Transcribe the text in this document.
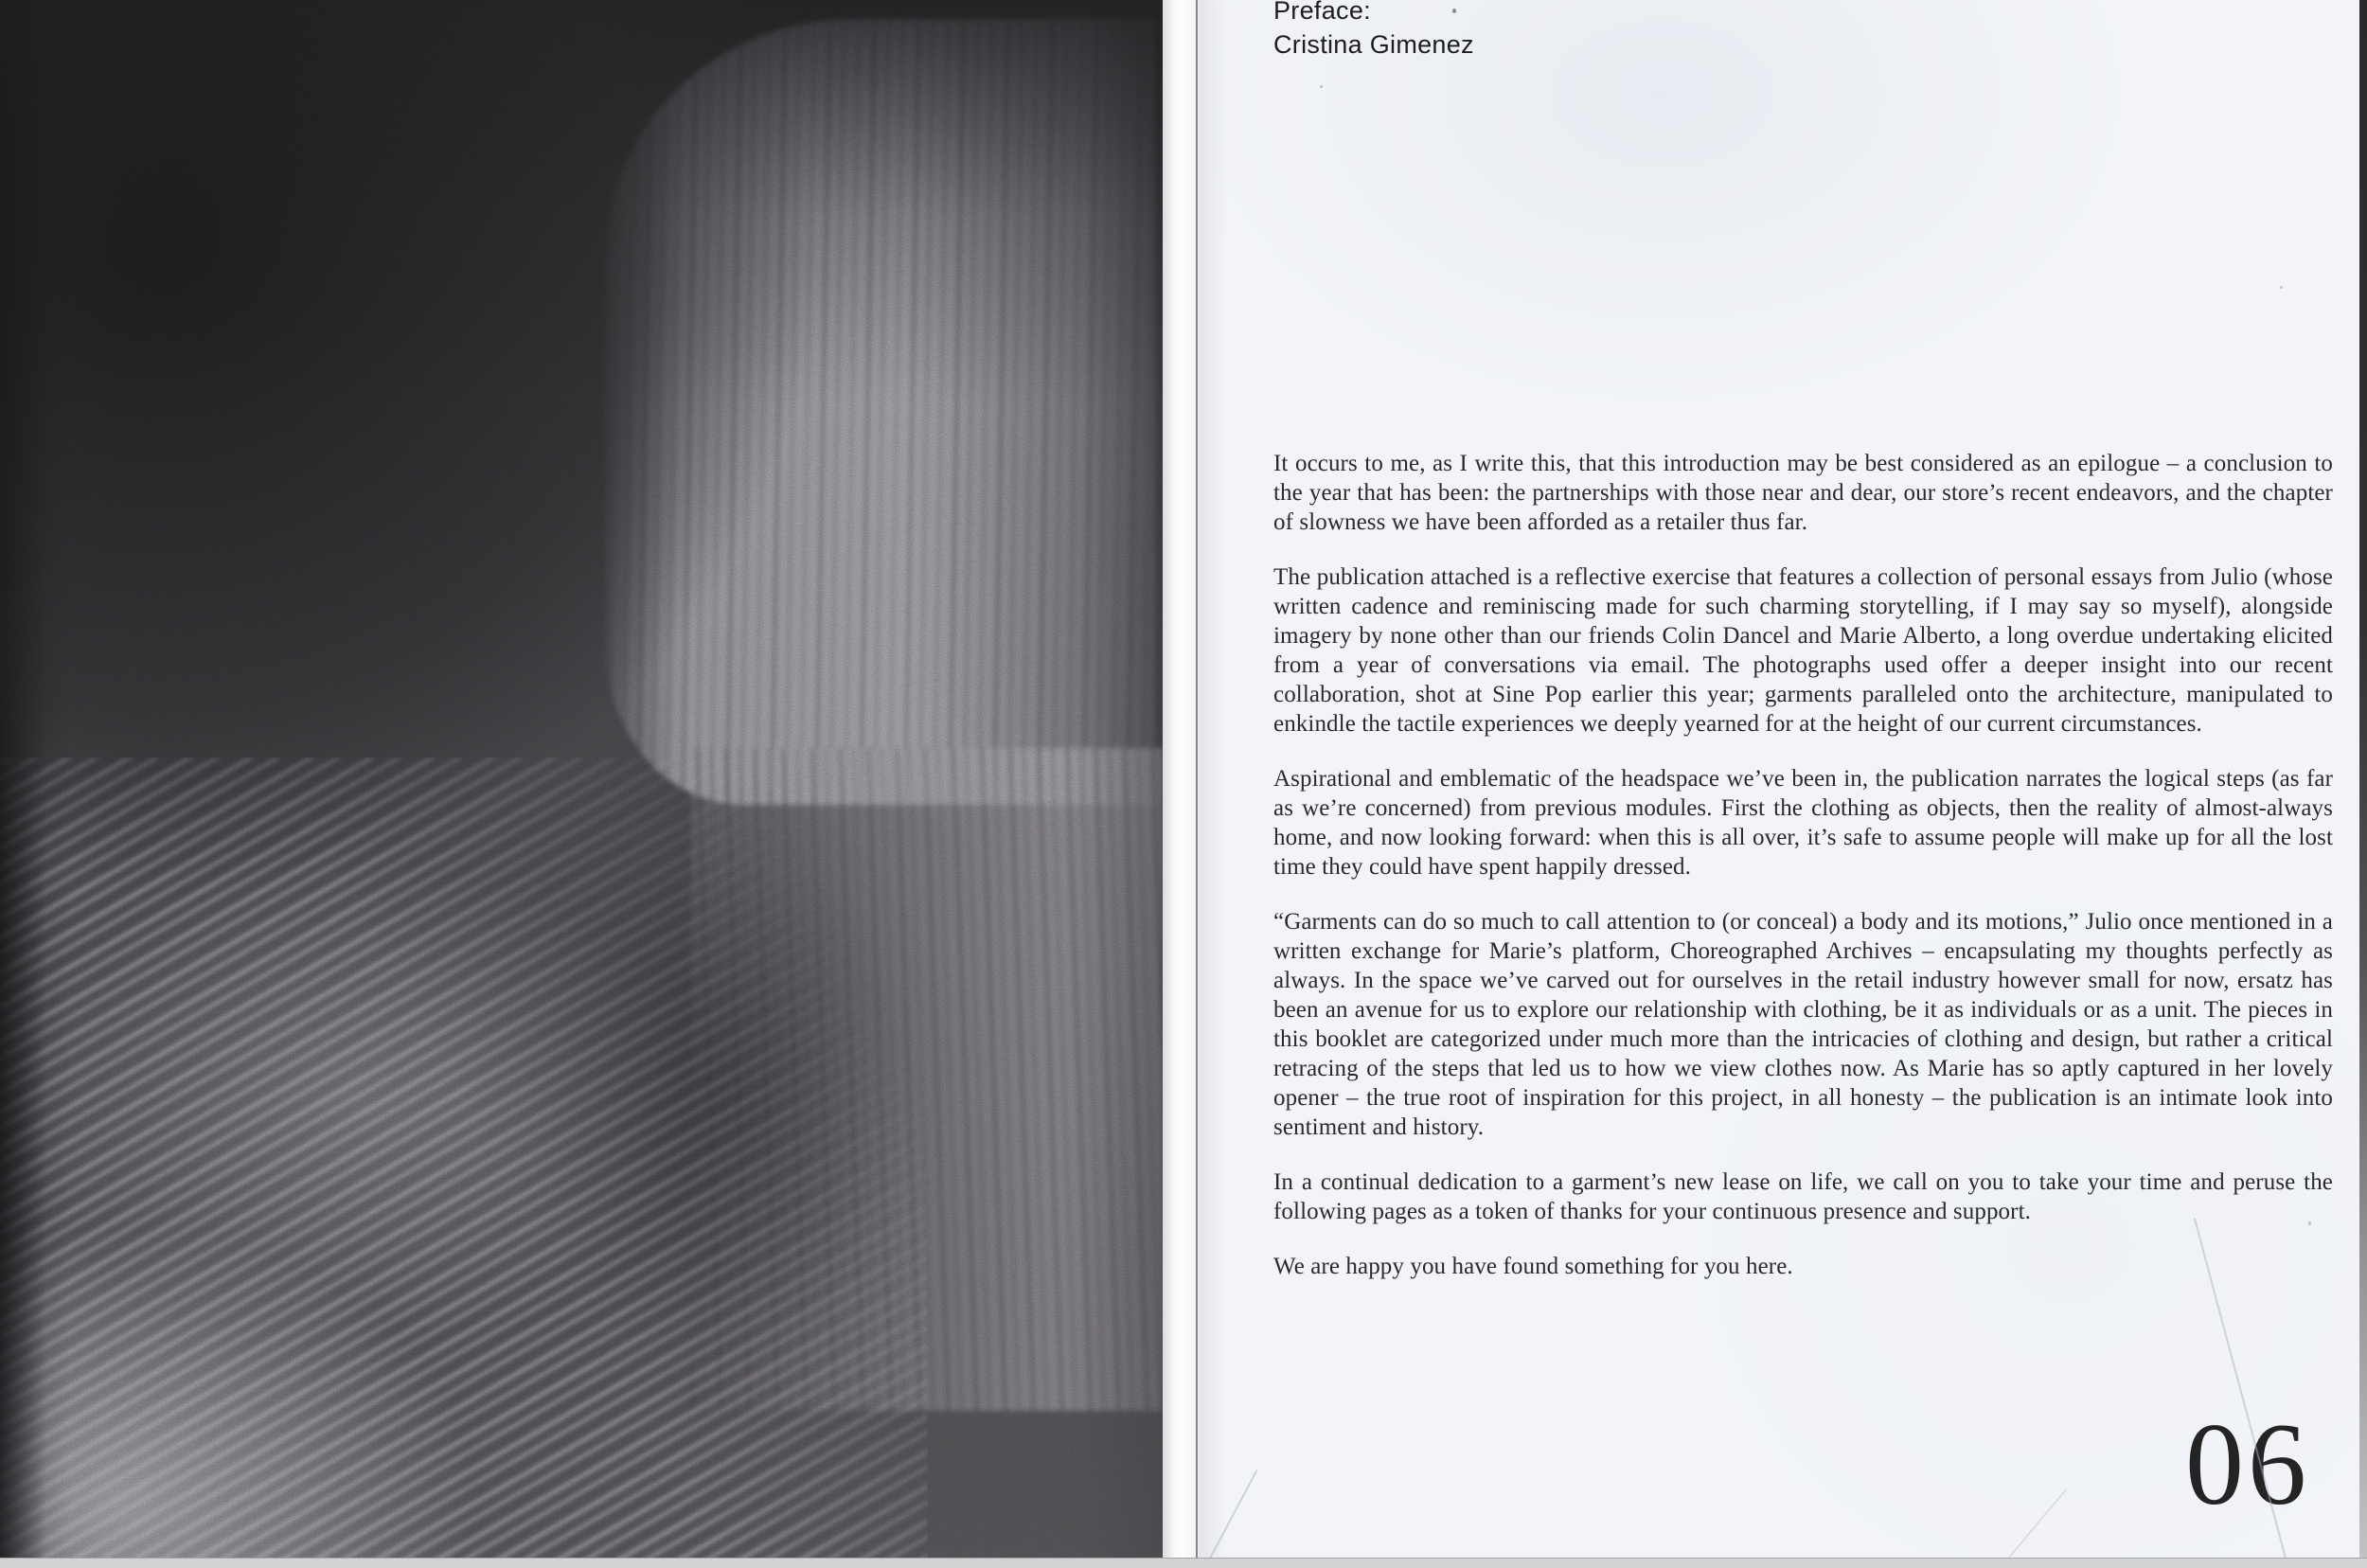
Preface:
Cristina Gimenez

It occurs to me, as I write this, that this introduction may be best considered as an epilogue – a conclusion to the year that has been: the partnerships with those near and dear, our store’s recent endeavors, and the chapter of slowness we have been afforded as a retailer thus far.

The publication attached is a reflective exercise that features a collection of personal essays from Julio (whose written cadence and reminiscing made for such charming storytelling, if I may say so myself), alongside imagery by none other than our friends Colin Dancel and Marie Alberto, a long overdue undertaking elicited from a year of conversations via email. The photographs used offer a deeper insight into our recent collaboration, shot at Sine Pop earlier this year; garments paralleled onto the architecture, manipulated to enkindle the tactile experiences we deeply yearned for at the height of our current circumstances.

Aspirational and emblematic of the headspace we’ve been in, the publication narrates the logical steps (as far as we’re concerned) from previous modules. First the clothing as objects, then the reality of almost-always home, and now looking forward: when this is all over, it’s safe to assume people will make up for all the lost time they could have spent happily dressed.

“Garments can do so much to call attention to (or conceal) a body and its motions,” Julio once mentioned in a written exchange for Marie’s platform, Choreographed Archives – encapsulating my thoughts perfectly as always. In the space we’ve carved out for ourselves in the retail industry however small for now, ersatz has been an avenue for us to explore our relationship with clothing, be it as individuals or as a unit. The pieces in this booklet are categorized under much more than the intricacies of clothing and design, but rather a critical retracing of the steps that led us to how we view clothes now. As Marie has so aptly captured in her lovely opener – the true root of inspiration for this project, in all honesty – the publication is an intimate look into sentiment and history.

In a continual dedication to a garment’s new lease on life, we call on you to take your time and peruse the following pages as a token of thanks for your continuous presence and support.

We are happy you have found something for you here.

06
